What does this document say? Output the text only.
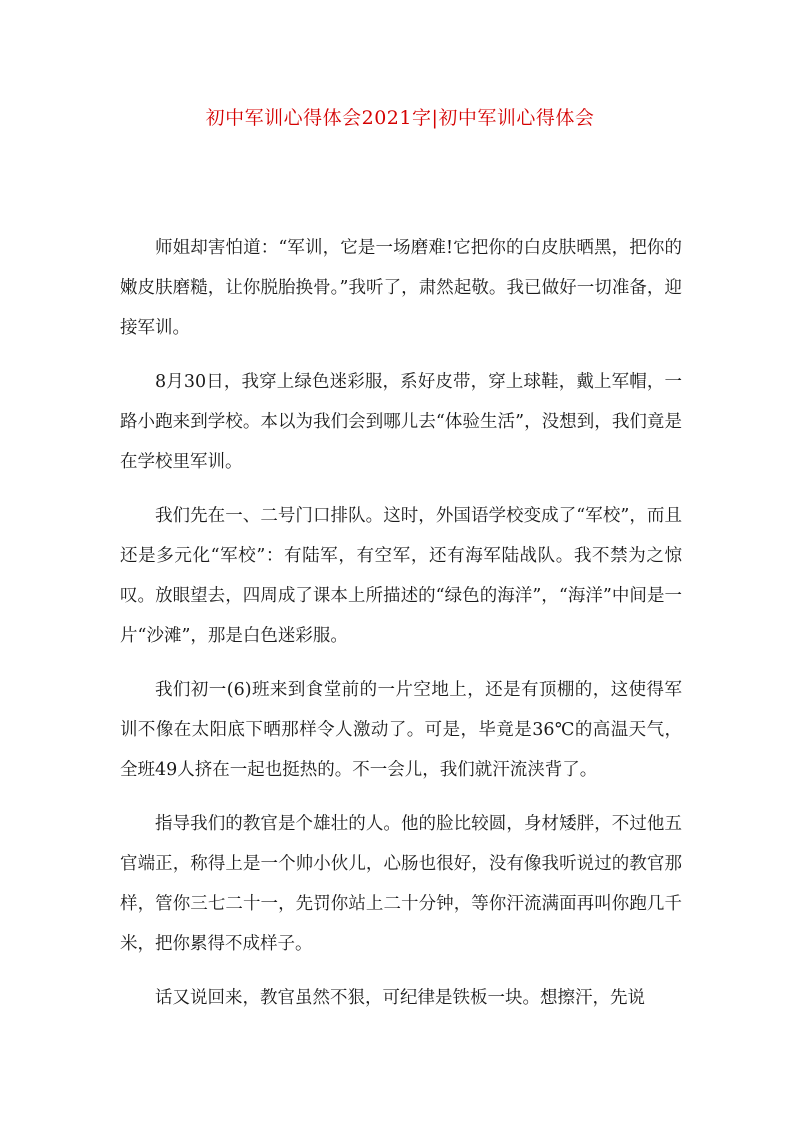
初中军训心得体会2021字|初中军训心得体会

师姐却害怕道：“军训，它是一场磨难!它把你的白皮肤晒黑，把你的嫩皮肤磨糙，让你脱胎换骨。”我听了，肃然起敬。我已做好一切准备，迎接军训。

8月30日，我穿上绿色迷彩服，系好皮带，穿上球鞋，戴上军帽，一路小跑来到学校。本以为我们会到哪儿去“体验生活”，没想到，我们竟是在学校里军训。

我们先在一、二号门口排队。这时，外国语学校变成了“军校”，而且还是多元化“军校”：有陆军，有空军，还有海军陆战队。我不禁为之惊叹。放眼望去，四周成了课本上所描述的“绿色的海洋”，“海洋”中间是一片“沙滩”，那是白色迷彩服。

我们初一(6)班来到食堂前的一片空地上，还是有顶棚的，这使得军训不像在太阳底下晒那样令人激动了。可是，毕竟是36℃的高温天气，全班49人挤在一起也挺热的。不一会儿，我们就汗流浃背了。

指导我们的教官是个雄壮的人。他的脸比较圆，身材矮胖，不过他五官端正，称得上是一个帅小伙儿，心肠也很好，没有像我听说过的教官那样，管你三七二十一，先罚你站上二十分钟，等你汗流满面再叫你跑几千米，把你累得不成样子。

话又说回来，教官虽然不狠，可纪律是铁板一块。想擦汗，先说
